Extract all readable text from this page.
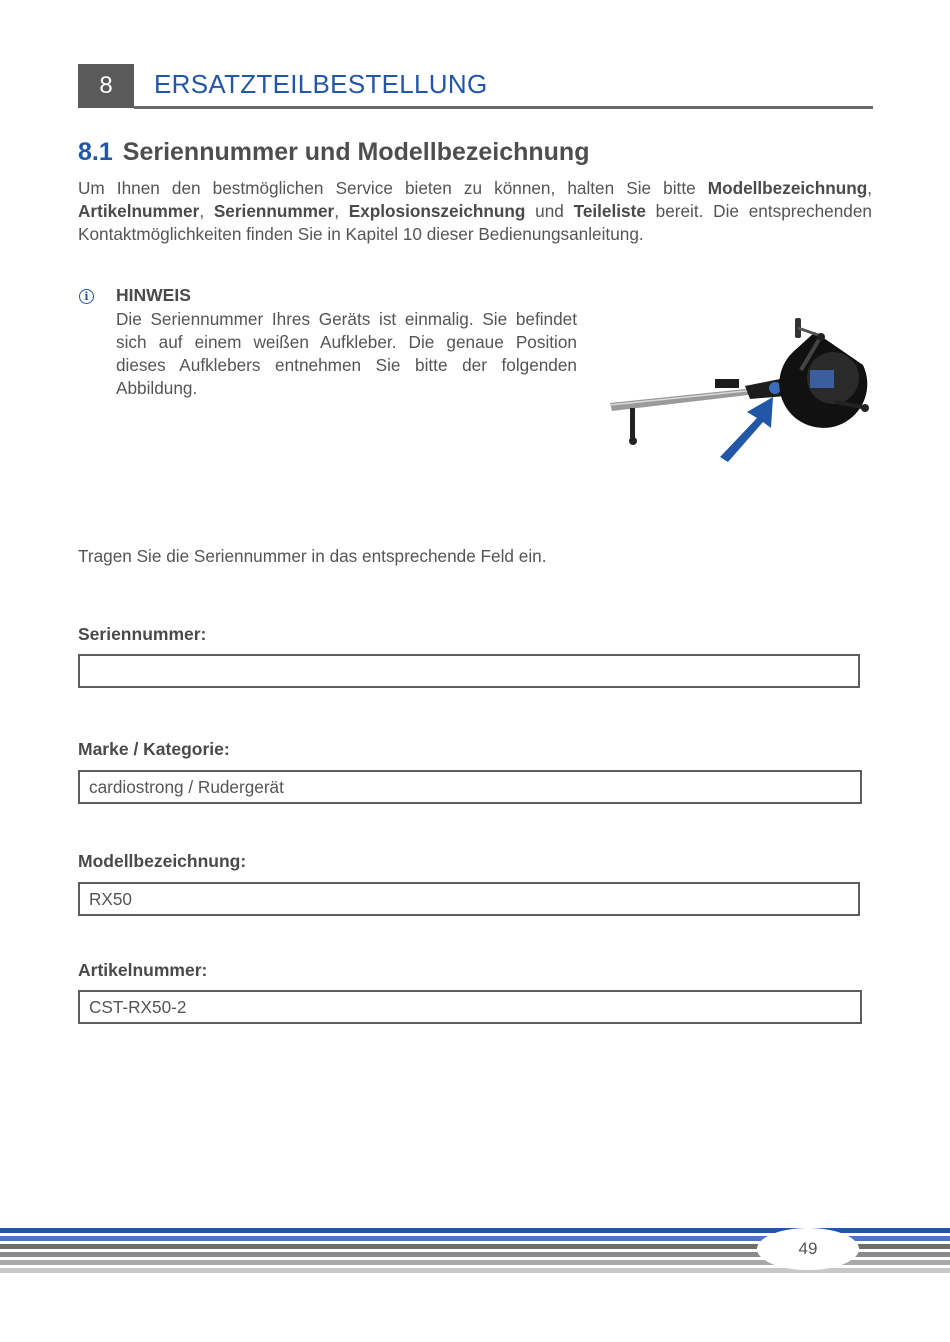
8	ERSATZTEILBESTELLUNG
8.1 Seriennummer und Modellbezeichnung

Um Ihnen den bestmöglichen Service bieten zu können, halten Sie bitte Modellbezeichnung, Artikelnummer, Seriennummer, Explosionszeichnung und Teileliste bereit. Die entsprechenden Kontaktmöglichkeiten finden Sie in Kapitel 10 dieser Bedienungsanleitung.

i	HINWEIS

Die Seriennummer Ihres Geräts ist einmalig. Sie befindet sich auf einem weißen Aufkleber. Die genaue Position dieses Aufklebers entnehmen Sie bitte der folgenden Abbildung.

Tragen Sie die Seriennummer in das entsprechende Feld ein.

Seriennummer:
Marke / Kategorie:
cardiostrong / Rudergerät
Modellbezeichnung:
RX50
Artikelnummer:
CST-RX50-2
49
